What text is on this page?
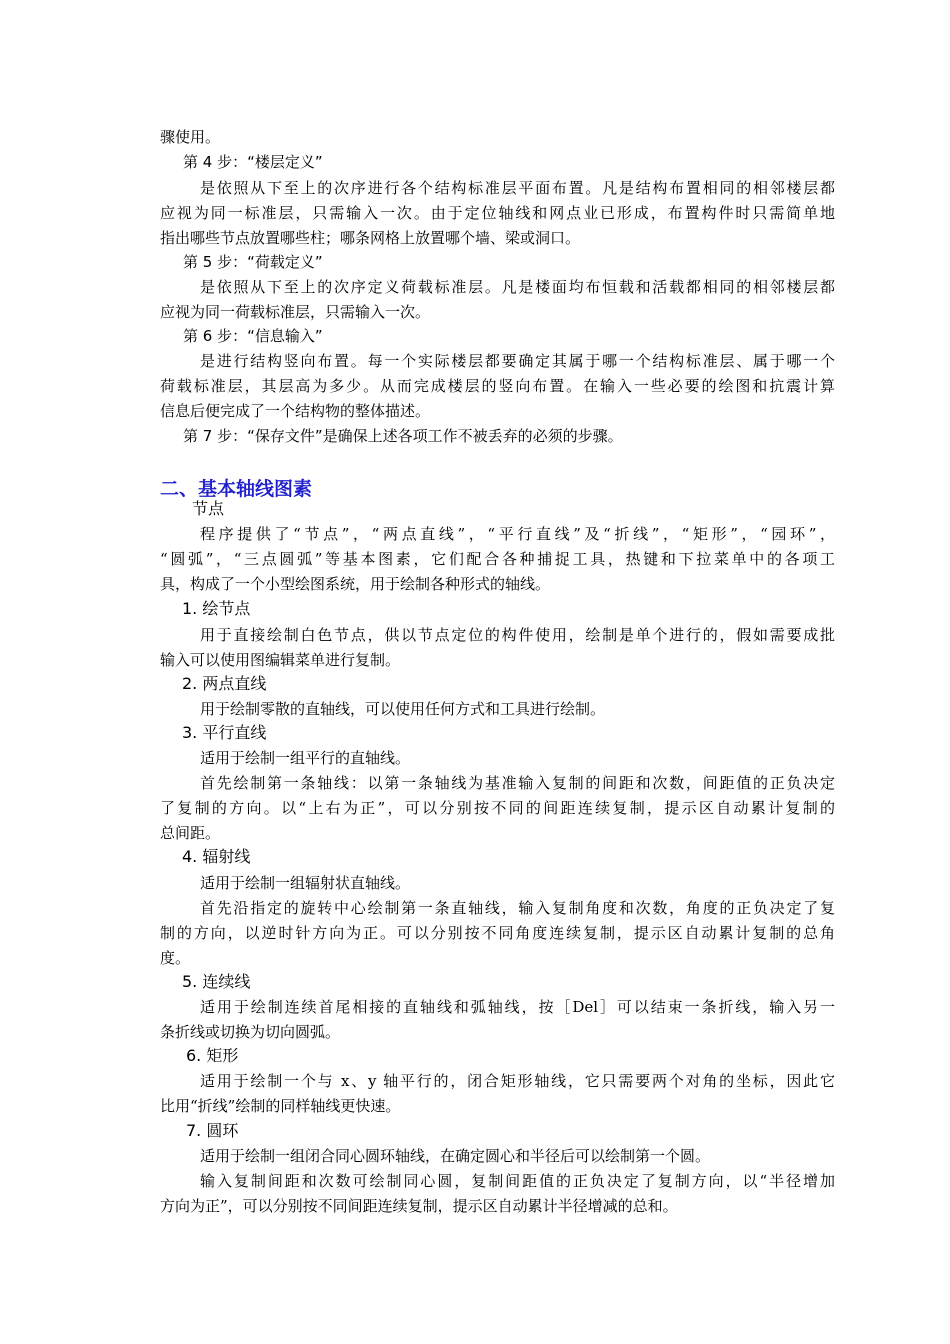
骤使用。
第 4 步：“楼层定义”
是依照从下至上的次序进行各个结构标准层平面布置。凡是结构布置相同的相邻楼层都
应视为同一标准层，只需输入一次。由于定位轴线和网点业已形成，布置构件时只需简单地
指出哪些节点放置哪些柱；哪条网格上放置哪个墙、梁或洞口。
第 5 步：“荷载定义”
是依照从下至上的次序定义荷载标准层。凡是楼面均布恒载和活载都相同的相邻楼层都
应视为同一荷载标准层，只需输入一次。
第 6 步：“信息输入”
是进行结构竖向布置。每一个实际楼层都要确定其属于哪一个结构标准层、属于哪一个
荷载标准层，其层高为多少。从而完成楼层的竖向布置。在输入一些必要的绘图和抗震计算
信息后便完成了一个结构物的整体描述。
第 7 步：“保存文件”是确保上述各项工作不被丢弃的必须的步骤。
二、基本轴线图素
节点
程序提供了“节点”，“两点直线”，“平行直线”及“折线”，“矩形”，“园环”，
“圆弧”，“三点圆弧”等基本图素，它们配合各种捕捉工具，热键和下拉菜单中的各项工
具，构成了一个小型绘图系统，用于绘制各种形式的轴线。
1. 绘节点
用于直接绘制白色节点，供以节点定位的构件使用，绘制是单个进行的，假如需要成批
输入可以使用图编辑菜单进行复制。
2. 两点直线
用于绘制零散的直轴线，可以使用任何方式和工具进行绘制。
3. 平行直线
适用于绘制一组平行的直轴线。
首先绘制第一条轴线：以第一条轴线为基准输入复制的间距和次数，间距值的正负决定
了复制的方向。以“上右为正”，可以分别按不同的间距连续复制，提示区自动累计复制的
总间距。
4. 辐射线
适用于绘制一组辐射状直轴线。
首先沿指定的旋转中心绘制第一条直轴线，输入复制角度和次数，角度的正负决定了复
制的方向，以逆时针方向为正。可以分别按不同角度连续复制，提示区自动累计复制的总角
度。
5. 连续线
适用于绘制连续首尾相接的直轴线和弧轴线，按［Del］可以结束一条折线，输入另一
条折线或切换为切向圆弧。
6. 矩形
适用于绘制一个与 x、y 轴平行的，闭合矩形轴线，它只需要两个对角的坐标，因此它
比用“折线”绘制的同样轴线更快速。
7. 圆环
适用于绘制一组闭合同心圆环轴线，在确定圆心和半径后可以绘制第一个圆。
输入复制间距和次数可绘制同心圆，复制间距值的正负决定了复制方向，以“半径增加
方向为正”，可以分别按不同间距连续复制，提示区自动累计半径增减的总和。
